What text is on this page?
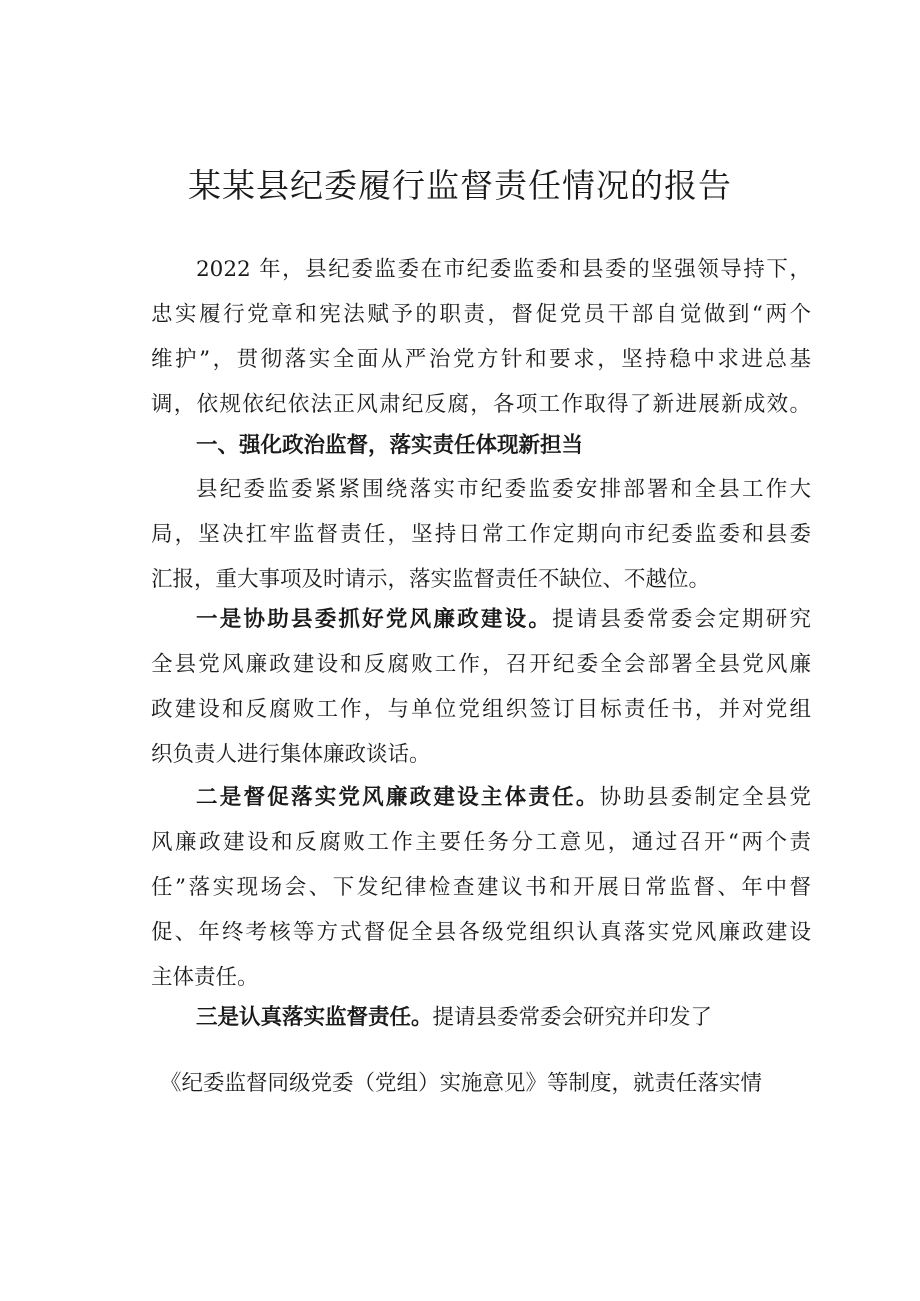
某某县纪委履行监督责任情况的报告
2022 年，县纪委监委在市纪委监委和县委的坚强领导持下，
忠实履行党章和宪法赋予的职责，督促党员干部自觉做到“两个
维护”，贯彻落实全面从严治党方针和要求，坚持稳中求进总基
调，依规依纪依法正风肃纪反腐，各项工作取得了新进展新成效。
一、强化政治监督，落实责任体现新担当
县纪委监委紧紧围绕落实市纪委监委安排部署和全县工作大
局，坚决扛牢监督责任，坚持日常工作定期向市纪委监委和县委
汇报，重大事项及时请示，落实监督责任不缺位、不越位。
一是协助县委抓好党风廉政建设。提请县委常委会定期研究
全县党风廉政建设和反腐败工作，召开纪委全会部署全县党风廉
政建设和反腐败工作，与单位党组织签订目标责任书，并对党组
织负责人进行集体廉政谈话。
二是督促落实党风廉政建设主体责任。协助县委制定全县党
风廉政建设和反腐败工作主要任务分工意见，通过召开“两个责
任”落实现场会、下发纪律检查建议书和开展日常监督、年中督
促、年终考核等方式督促全县各级党组织认真落实党风廉政建设
主体责任。
三是认真落实监督责任。提请县委常委会研究并印发了
《纪委监督同级党委（党组）实施意见》等制度，就责任落实情
